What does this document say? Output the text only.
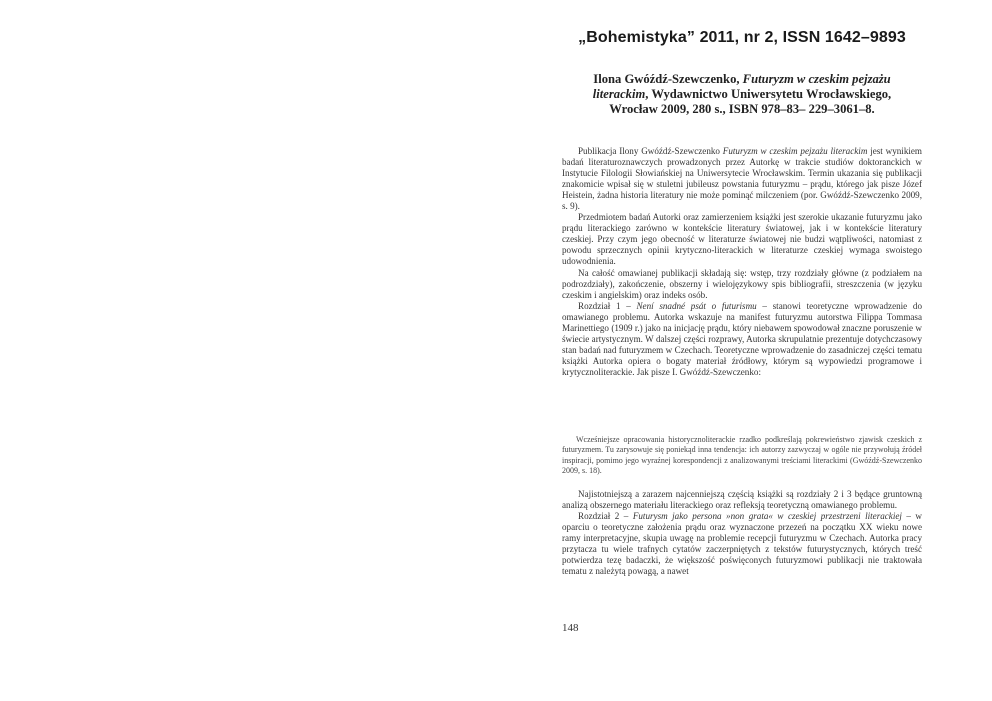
„Bohemistyka” 2011, nr 2, ISSN 1642–9893
Ilona Gwóźdź-Szewczenko, Futuryzm w czeskim pejzażu literackim, Wydawnictwo Uniwersytetu Wrocławskiego, Wrocław 2009, 280 s., ISBN 978–83– 229–3061–8.

Publikacja Ilony Gwóźdź-Szewczenko Futuryzm w czeskim pejzażu literackim jest wynikiem badań literaturoznawczych prowadzonych przez Autorkę w trakcie studiów doktoranckich w Instytucie Filologii Słowiańskiej na Uniwersytecie Wrocławskim. Termin ukazania się publikacji znakomicie wpisał się w stuletni jubileusz powstania futuryzmu – prądu, którego jak pisze Józef Heistein, żadna historia literatury nie może pominąć milczeniem (por. Gwóźdź-Szewczenko 2009, s. 9).

Przedmiotem badań Autorki oraz zamierzeniem książki jest szerokie ukazanie futuryzmu jako prądu literackiego zarówno w kontekście literatury światowej, jak i w kontekście literatury czeskiej. Przy czym jego obecność w literaturze światowej nie budzi wątpliwości, natomiast z powodu sprzecznych opinii krytyczno-literackich w literaturze czeskiej wymaga swoistego udowodnienia.

Na całość omawianej publikacji składają się: wstęp, trzy rozdziały główne (z podziałem na podrozdziały), zakończenie, obszerny i wielojęzykowy spis bibliografii, streszczenia (w języku czeskim i angielskim) oraz indeks osób.

Rozdział 1 – Není snadné psát o futurismu – stanowi teoretyczne wprowadzenie do omawianego problemu. Autorka wskazuje na manifest futuryzmu autorstwa Filippa Tommasa Marinettiego (1909 r.) jako na inicjację prądu, który niebawem spowodował znaczne poruszenie w świecie artystycznym. W dalszej części rozprawy, Autorka skrupulatnie prezentuje dotychczasowy stan badań nad futuryzmem w Czechach. Teoretyczne wprowadzenie do zasadniczej części tematu książki Autorka opiera o bogaty materiał źródłowy, którym są wypowiedzi programowe i krytycznoliterackie. Jak pisze I. Gwóźdź-Szewczenko:

Wcześniejsze opracowania historycznoliterackie rzadko podkreślają pokrewieństwo zjawisk czeskich z futuryzmem. Tu zarysowuje się poniekąd inna tendencja: ich autorzy zazwyczaj w ogóle nie przywołują źródeł inspiracji, pomimo jego wyraźnej korespondencji z analizowanymi treściami literackimi (Gwóźdź-Szewczenko 2009, s. 18).

Najistotniejszą a zarazem najcenniejszą częścią książki są rozdziały 2 i 3 będące gruntowną analizą obszernego materiału literackiego oraz refleksją teoretyczną omawianego problemu.

Rozdział 2 – Futurysm jako persona »non grata« w czeskiej przestrzeni literackiej – w oparciu o teoretyczne założenia prądu oraz wyznaczone przezeń na początku XX wieku nowe ramy interpretacyjne, skupia uwagę na problemie recepcji futuryzmu w Czechach. Autorka pracy przytacza tu wiele trafnych cytatów zaczerpniętych z tekstów futurystycznych, których treść potwierdza tezę badaczki, że większość poświęconych futuryzmowi publikacji nie traktowała tematu z należytą powagą, a nawet

148
